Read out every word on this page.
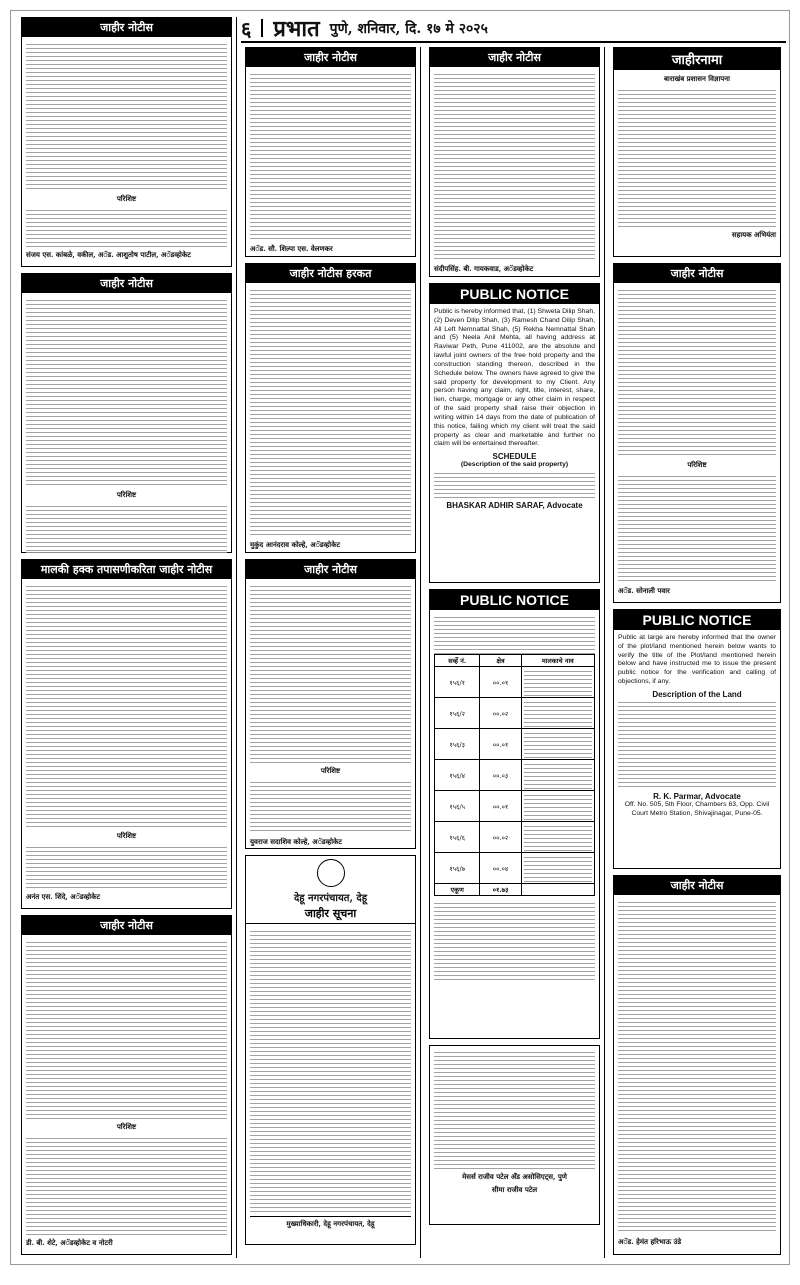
६ प्रभात पुणे, शनिवार, दि. १७ मे २०२५
जाहीर नोटीस
परिशिष्ट
संजय एस. कांबळे, वकील, अॅड. आशुतोष पाटील, अॅडव्होकेट
जाहीर नोटीस
परिशिष्ट
मालकी हक्क तपासणीकरिता जाहीर नोटीस
परिशिष्ट
अनंत एस. शिंदे, अॅडव्होकेट
जाहीर नोटीस
परिशिष्ट
डी. बी. शेटे, अॅडव्होकेट व नोटरी
जाहीर नोटीस
अॅड. सौ. शिल्पा एस. वेलणकर
जाहीर नोटीस हरकत
मुकुंद आनंदराव कोल्हे, अॅडव्होकेट
जाहीर नोटीस
परिशिष्ट
युवराज सदाशिव कोल्हे, अॅडव्होकेट
देहू नगरपंचायत, देहू
जाहीर सूचना
मुख्याधिकारी, देहू नगरपंचायत, देहू
जाहीर नोटीस
संदीपसिंह. बी. गायकवाड, अॅडव्होकेट
PUBLIC NOTICE
Public is hereby informed that, (1) Shweta Dilip Shah, (2) Deven Dilip Shah, (3) Ramesh Chand Dilip Shah, All Left Nemnattal Shah, (5) Rekha Nemnattal Shah and (5) Neela Anil Mehta, all having address at Raviwar Peth, Pune 411002, are the absolute and lawful joint owners of the free hold property and the construction standing thereon, described in the Schedule below. The owners have agreed to give the said property for development to my Client. Any person having any claim, right, title, interest, share, lien, charge, mortgage or any other claim in respect of the said property shall raise their objection in writing within 14 days from the date of publication of this notice, failing which my client will treat the said property as clear and marketable and further no claim will be entertained thereafter.
SCHEDULE
(Description of the said property)
BHASKAR ADHIR SARAF, Advocate
PUBLIC NOTICE
सर्व्हे नं.	क्षेत्र	मालकाचे नाव
१५६/१	००.०१	

१५६/२	००.०२	

१५६/३	००.०१	

१५६/४	००.०३	

१५६/५	००.०१	

१५६/६	००.०२	

१५६/७	००.०४	

एकूण	०१.७३	
मेसर्स राजीव पटेल अँड असोसिएट्स, पुणे
सीमा राजीव पटेल
जाहीरनामा
बाराखंब प्रशासन विज्ञापना
सहायक अभियंता
जाहीर नोटीस
परिशिष्ट
अॅड. सोनाली पवार
PUBLIC NOTICE
Public at large are hereby informed that the owner of the plot/land mentioned herein below wants to verify the title of the Plot/land mentioned herein below and have instructed me to issue the present public notice for the verification and calling of objections, if any.
Description of the Land
R. K. Parmar, Advocate
Off. No. 505, 5th Floor, Chambers 63, Opp. Civil Court Metro Station, Shivajinagar, Pune-05.
जाहीर नोटीस
अॅड. हेमंत हरिभाऊ उंडे
